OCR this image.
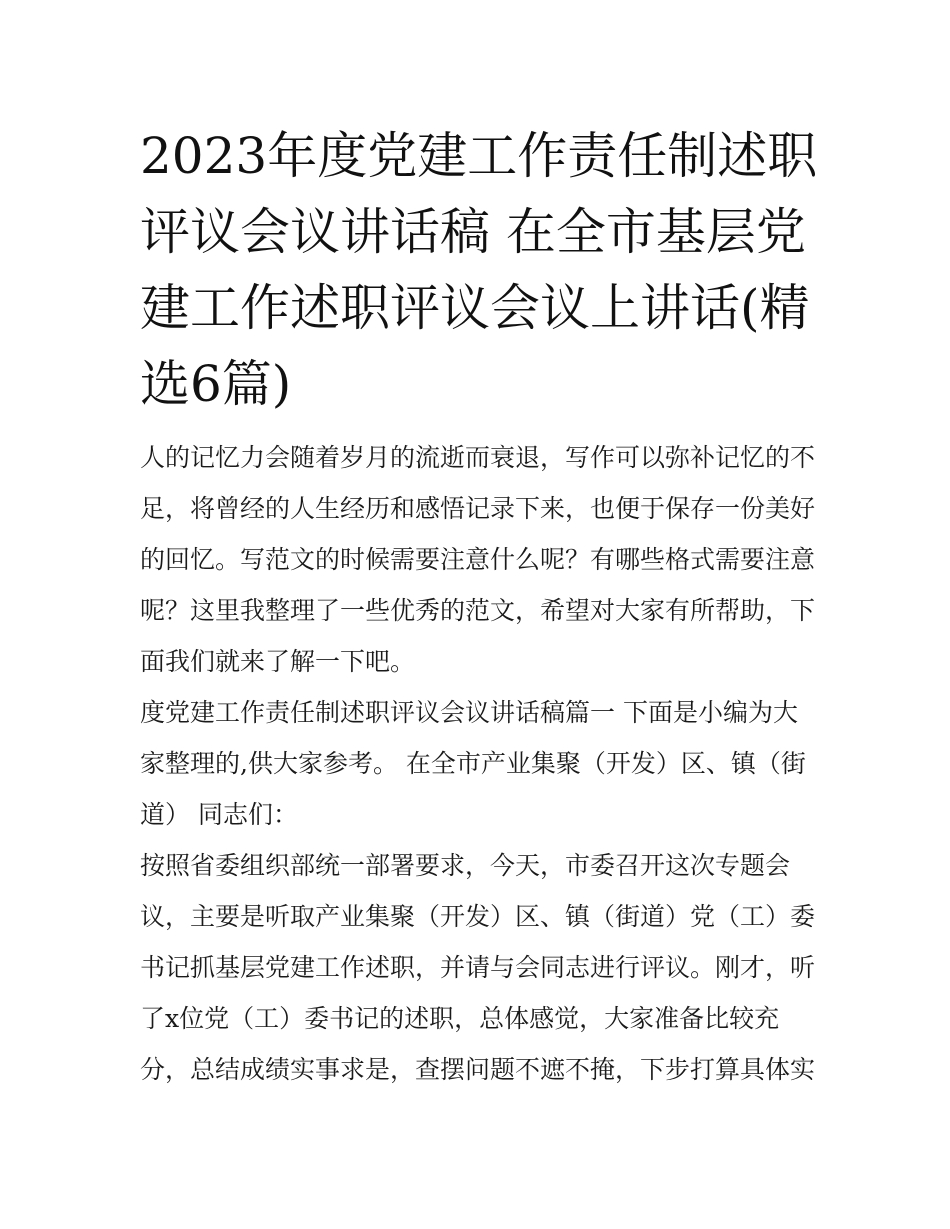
2023年度党建工作责任制述职评议会议讲话稿 在全市基层党建工作述职评议会议上讲话(精选6篇)

人的记忆力会随着岁月的流逝而衰退，写作可以弥补记忆的不足，将曾经的人生经历和感悟记录下来，也便于保存一份美好的回忆。写范文的时候需要注意什么呢？有哪些格式需要注意呢？这里我整理了一些优秀的范文，希望对大家有所帮助，下面我们就来了解一下吧。

度党建工作责任制述职评议会议讲话稿篇一 下面是小编为大家整理的,供大家参考。 在全市产业集聚（开发）区、镇（街道） 同志们：

按照省委组织部统一部署要求，今天，市委召开这次专题会议，主要是听取产业集聚（开发）区、镇（街道）党（工）委书记抓基层党建工作述职，并请与会同志进行评议。刚才，听了x位党（工）委书记的述职，总体感觉，大家准备比较充分，总结成绩实事求是，查摆问题不遮不掩，下步打算具体实
